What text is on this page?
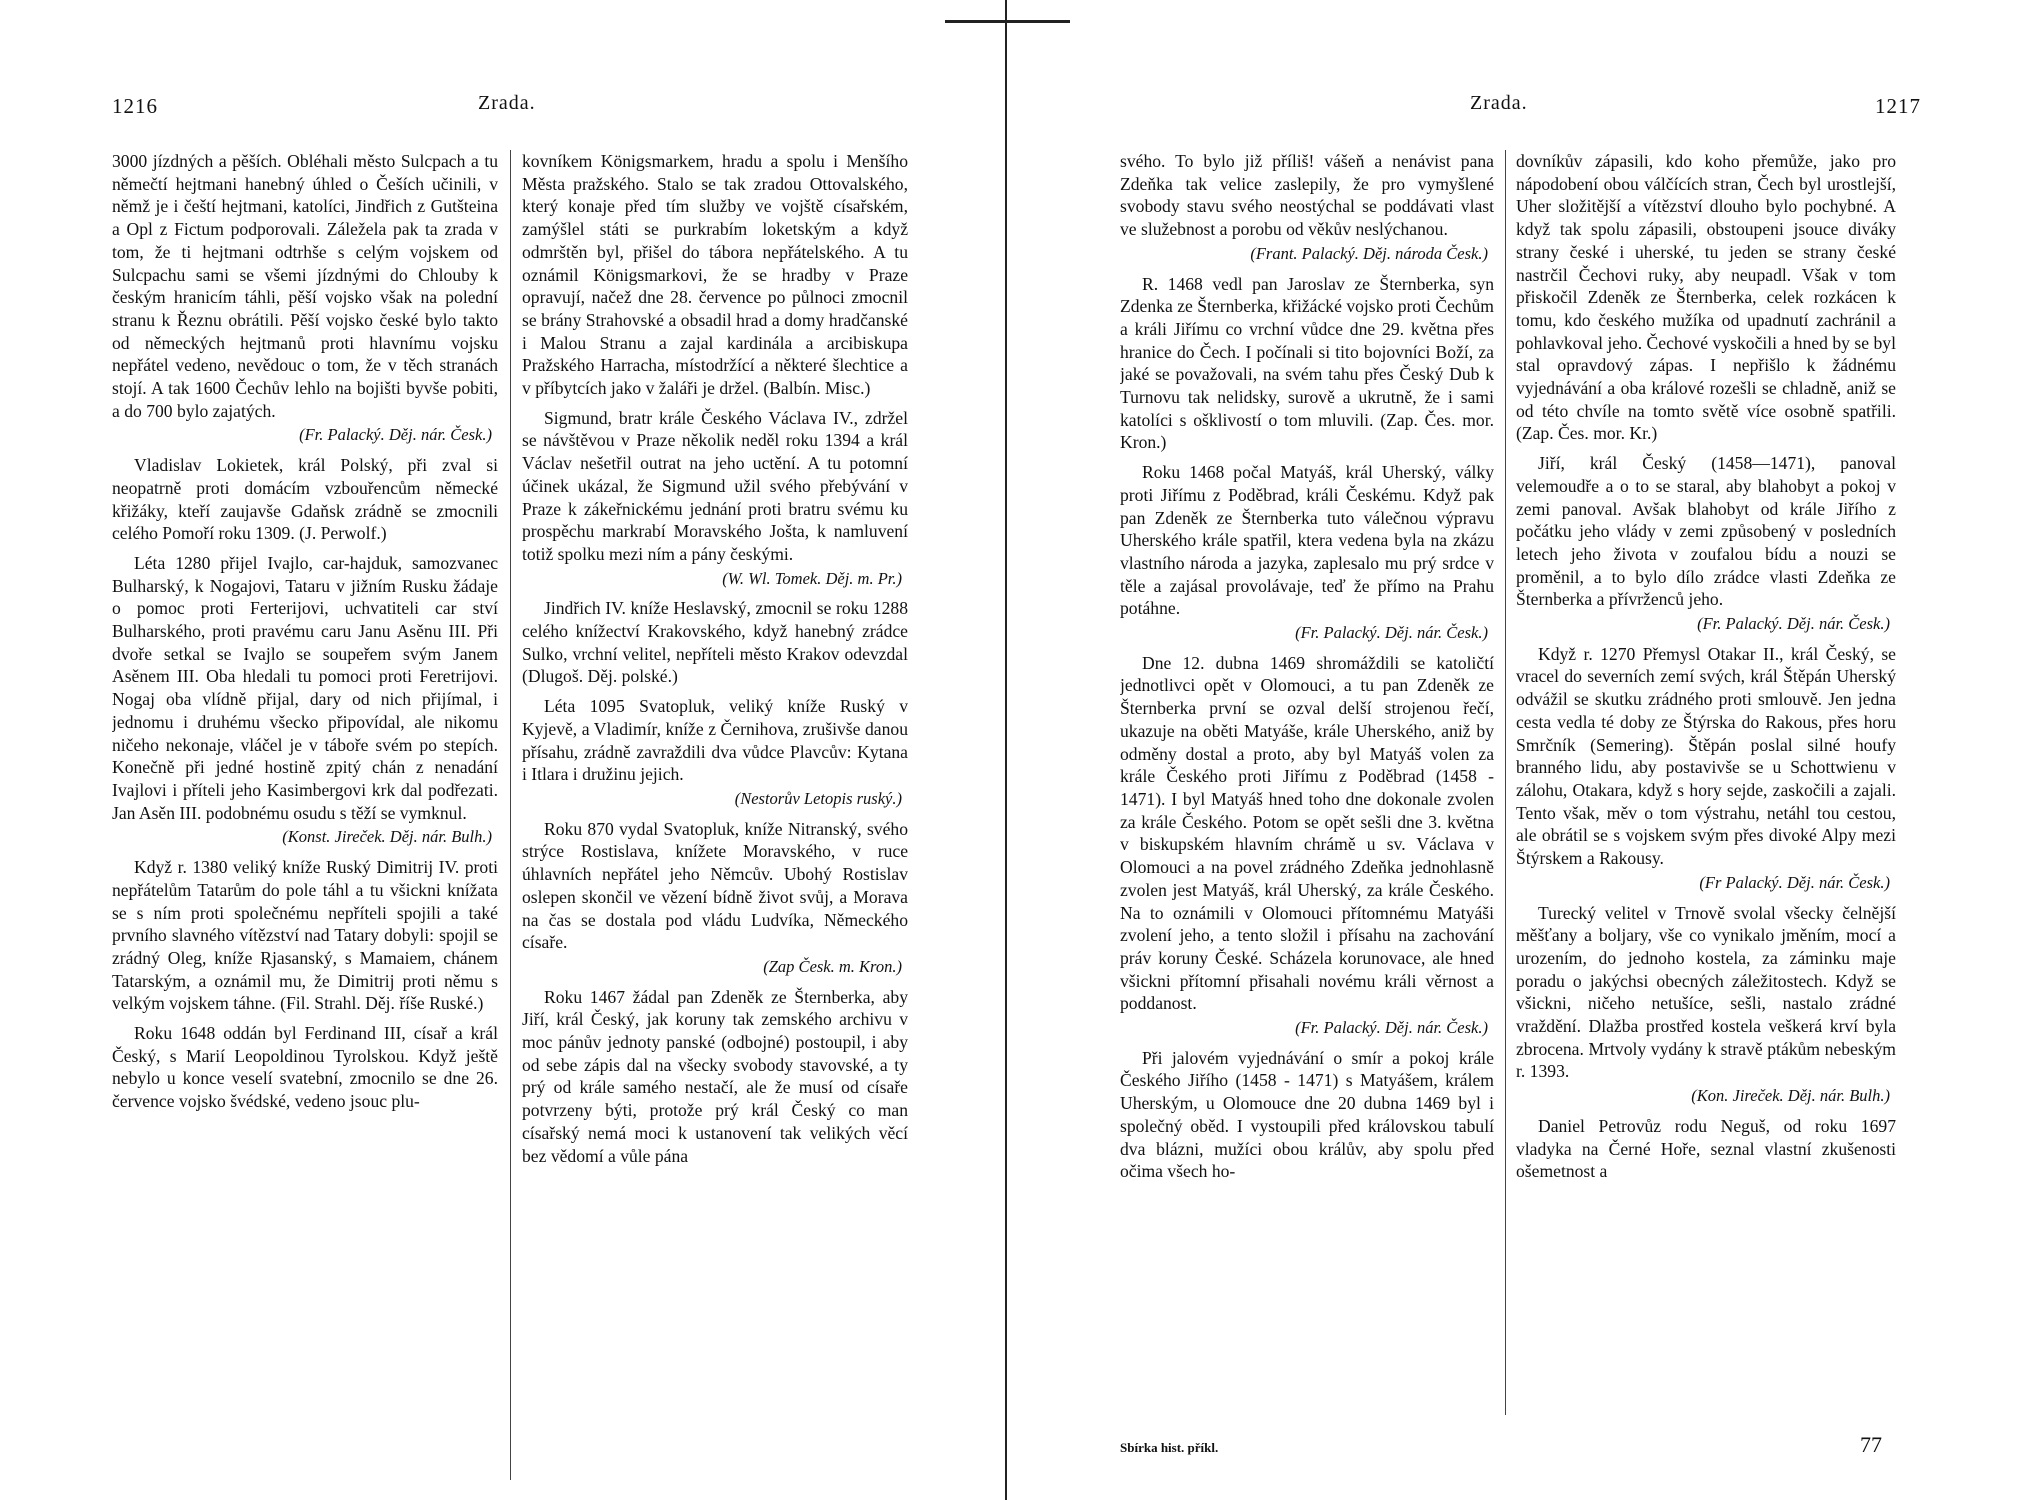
1216	Zrada.

3000 jízdných a pěších. Obléhali město Sulcpach a tu němečtí hejtmani hanebný úhled o Češích učinili, v němž je i čeští hejtmani, katolíci, Jindřich z Gutšteina a Opl z Fictum podporovali. Záležela pak ta zrada v tom, že ti hejtmani odtrhše s celým vojskem od Sulcpachu sami se všemi jízdnými do Chlouby k českým hranicím táhli, pěší vojsko však na polední stranu k Řeznu obrátili. Pěší vojsko české bylo takto od německých hejtmanů proti hlavnímu vojsku nepřátel vedeno, nevědouc o tom, že v těch stranách stojí. A tak 1600 Čechův lehlo na bojišti byvše pobiti, a do 700 bylo zajatých.

(Fr. Palacký. Děj. nár. Česk.)

Vladislav Lokietek, král Polský, při zval si neopatrně proti domácím vzbouřencům německé křižáky, kteří zaujavše Gdaňsk zrádně se zmocnili celého Pomoří roku 1309. (J. Perwolf.)

Léta 1280 přijel Ivajlo, car-hajduk, samozvanec Bulharský, k Nogajovi, Tataru v jižním Rusku žádaje o pomoc proti Ferterijovi, uchvatiteli car ství Bulharského, proti pravému caru Janu Asěnu III. Při dvoře setkal se Ivajlo se soupeřem svým Janem Asěnem III. Oba hledali tu pomoci proti Feretrijovi. Nogaj oba vlídně přijal, dary od nich přijímal, i jednomu i druhému všecko připovídal, ale nikomu ničeho nekonaje, vláčel je v táboře svém po stepích. Konečně při jedné hostině zpitý chán z nenadání Ivajlovi i příteli jeho Kasimbergovi krk dal podřezati. Jan Asěn III. podobnému osudu s těží se vymknul.

(Konst. Jireček. Děj. nár. Bulh.)

Když r. 1380 veliký kníže Ruský Dimitrij IV. proti nepřátelům Tatarům do pole táhl a tu všickni knížata se s ním proti společnému nepříteli spojili a také prvního slavného vítězství nad Tatary dobyli: spojil se zrádný Oleg, kníže Rjasanský, s Mamaiem, chánem Tatarským, a oznámil mu, že Dimitrij proti němu s velkým vojskem táhne. (Fil. Strahl. Děj. říše Ruské.)

Roku 1648 oddán byl Ferdinand III, císař a král Český, s Marií Leopoldinou Tyrolskou. Když ještě nebylo u konce veselí svatební, zmocnilo se dne 26. července vojsko švédské, vedeno jsouc plu-

kovníkem Königsmarkem, hradu a spolu i Menšího Města pražského. Stalo se tak zradou Ottovalského, který konaje před tím služby ve vojště císařském, zamýšlel státi se purkrabím loketským a když odmrštěn byl, přišel do tábora nepřátelského. A tu oznámil Königsmarkovi, že se hradby v Praze opravují, načež dne 28. července po půlnoci zmocnil se brány Strahovské a obsadil hrad a domy hradčanské i Malou Stranu a zajal kardinála a arcibiskupa Pražského Harracha, místodržící a některé šlechtice a v příbytcích jako v žaláři je držel. (Balbín. Misc.)

Sigmund, bratr krále Českého Václava IV., zdržel se návštěvou v Praze několik neděl roku 1394 a král Václav nešetřil outrat na jeho uctění. A tu potomní účinek ukázal, že Sigmund užil svého přebývání v Praze k zákeřnickému jednání proti bratru svému ku prospěchu markrabí Moravského Jošta, k namluvení totiž spolku mezi ním a pány českými.

(W. Wl. Tomek. Děj. m. Pr.)

Jindřich IV. kníže Heslavský, zmocnil se roku 1288 celého knížectví Krakovského, když hanebný zrádce Sulko, vrchní velitel, nepříteli město Krakov odevzdal (Dlugoš. Děj. polské.)

Léta 1095 Svatopluk, veliký kníže Ruský v Kyjevě, a Vladimír, kníže z Černihova, zrušivše danou přísahu, zrádně zavraždili dva vůdce Plavcův: Kytana i Itlara i družinu jejich.

(Nestorův Letopis ruský.)

Roku 870 vydal Svatopluk, kníže Nitranský, svého strýce Rostislava, knížete Moravského, v ruce úhlavních nepřátel jeho Němcův. Ubohý Rostislav oslepen skončil ve vězení bídně život svůj, a Morava na čas se dostala pod vládu Ludvíka, Německého císaře.

(Zap Česk. m. Kron.)

Roku 1467 žádal pan Zdeněk ze Šternberka, aby Jiří, král Český, jak koruny tak zemského archivu v moc pánův jednoty panské (odbojné) postoupil, i aby od sebe zápis dal na všecky svobody stavovské, a ty prý od krále samého nestačí, ale že musí od císaře potvrzeny býti, protože prý král Český co man císařský nemá moci k ustanovení tak velikých věcí bez vědomí a vůle pána

Zrada.	1217

svého. To bylo již příliš! vášeň a nenávist pana Zdeňka tak velice zaslepily, že pro vymyšlené svobody stavu svého neostýchal se poddávati vlast ve služebnost a porobu od věkův neslýchanou.

(Frant. Palacký. Děj. národa Česk.)

R. 1468 vedl pan Jaroslav ze Šternberka, syn Zdenka ze Šternberka, křižácké vojsko proti Čechům a králi Jiřímu co vrchní vůdce dne 29. května přes hranice do Čech. I počínali si tito bojovníci Boží, za jaké se považovali, na svém tahu přes Český Dub k Turnovu tak nelidsky, surově a ukrutně, že i sami katolíci s ošklivostí o tom mluvili. (Zap. Čes. mor. Kron.)

Roku 1468 počal Matyáš, král Uherský, války proti Jiřímu z Poděbrad, králi Českému. Když pak pan Zdeněk ze Šternberka tuto válečnou výpravu Uherského krále spatřil, ktera vedena byla na zkázu vlastního národa a jazyka, zaplesalo mu prý srdce v těle a zajásal provolávaje, teď že přímo na Prahu potáhne.

(Fr. Palacký. Děj. nár. Česk.)

Dne 12. dubna 1469 shromáždili se katoličtí jednotlivci opět v Olomouci, a tu pan Zdeněk ze Šternberka první se ozval delší strojenou řečí, ukazuje na oběti Matyáše, krále Uherského, aniž by odměny dostal a proto, aby byl Matyáš volen za krále Českého proti Jiřímu z Poděbrad (1458 - 1471). I byl Matyáš hned toho dne dokonale zvolen za krále Českého. Potom se opět sešli dne 3. května v biskupském hlavním chrámě u sv. Václava v Olomouci a na povel zrádného Zdeňka jednohlasně zvolen jest Matyáš, král Uherský, za krále Českého. Na to oznámili v Olomouci přítomnému Matyáši zvolení jeho, a tento složil i přísahu na zachování práv koruny České. Scházela korunovace, ale hned všickni přítomní přisahali novému králi věrnost a poddanost.

(Fr. Palacký. Děj. nár. Česk.)

Při jalovém vyjednávání o smír a pokoj krále Českého Jiřího (1458 - 1471) s Matyášem, králem Uherským, u Olomouce dne 20 dubna 1469 byl i společný oběd. I vystoupili před královskou tabulí dva blázni, mužíci obou králův, aby spolu před očima všech ho-

dovníkův zápasili, kdo koho přemůže, jako pro nápodobení obou válčících stran, Čech byl urostlejší, Uher složitější a vítězství dlouho bylo pochybné. A když tak spolu zápasili, obstoupeni jsouce diváky strany české i uherské, tu jeden se strany české nastrčil Čechovi ruky, aby neupadl. Však v tom přiskočil Zdeněk ze Šternberka, celek rozkácen k tomu, kdo českého mužíka od upadnutí zachránil a pohlavkoval jeho. Čechové vyskočili a hned by se byl stal opravdový zápas. I nepřišlo k žádnému vyjednávání a oba králové rozešli se chladně, aniž se od této chvíle na tomto světě více osobně spatřili. (Zap. Čes. mor. Kr.)

Jiří, král Český (1458—1471), panoval velemoudře a o to se staral, aby blahobyt a pokoj v zemi panoval. Avšak blahobyt od krále Jiřího z počátku jeho vlády v zemi způsobený v posledních letech jeho života v zoufalou bídu a nouzi se proměnil, a to bylo dílo zrádce vlasti Zdeňka ze Šternberka a přívrženců jeho.

(Fr. Palacký. Děj. nár. Česk.)

Když r. 1270 Přemysl Otakar II., král Český, se vracel do severních zemí svých, král Štěpán Uherský odvážil se skutku zrádného proti smlouvě. Jen jedna cesta vedla té doby ze Štýrska do Rakous, přes horu Smrčník (Semering). Štěpán poslal silné houfy branného lidu, aby postavivše se u Schottwienu v zálohu, Otakara, když s hory sejde, zaskočili a zajali. Tento však, měv o tom výstrahu, netáhl tou cestou, ale obrátil se s vojskem svým přes divoké Alpy mezi Štýrskem a Rakousy.

(Fr Palacký. Děj. nár. Česk.)

Turecký velitel v Trnově svolal všecky čelnější měšťany a boljary, vše co vynikalo jměním, mocí a urozením, do jednoho kostela, za záminku maje poradu o jakýchsi obecných záležitostech. Když se všickni, ničeho netušíce, sešli, nastalo zrádné vraždění. Dlažba prostřed kostela veškerá krví byla zbrocena. Mrtvoly vydány k stravě ptákům nebeským r. 1393.

(Kon. Jireček. Děj. nár. Bulh.)

Daniel Petrovůz rodu Neguš, od roku 1697 vladyka na Černé Hoře, seznal vlastní zkušenosti ošemetnost a

Sbírka hist. příkl.	77
